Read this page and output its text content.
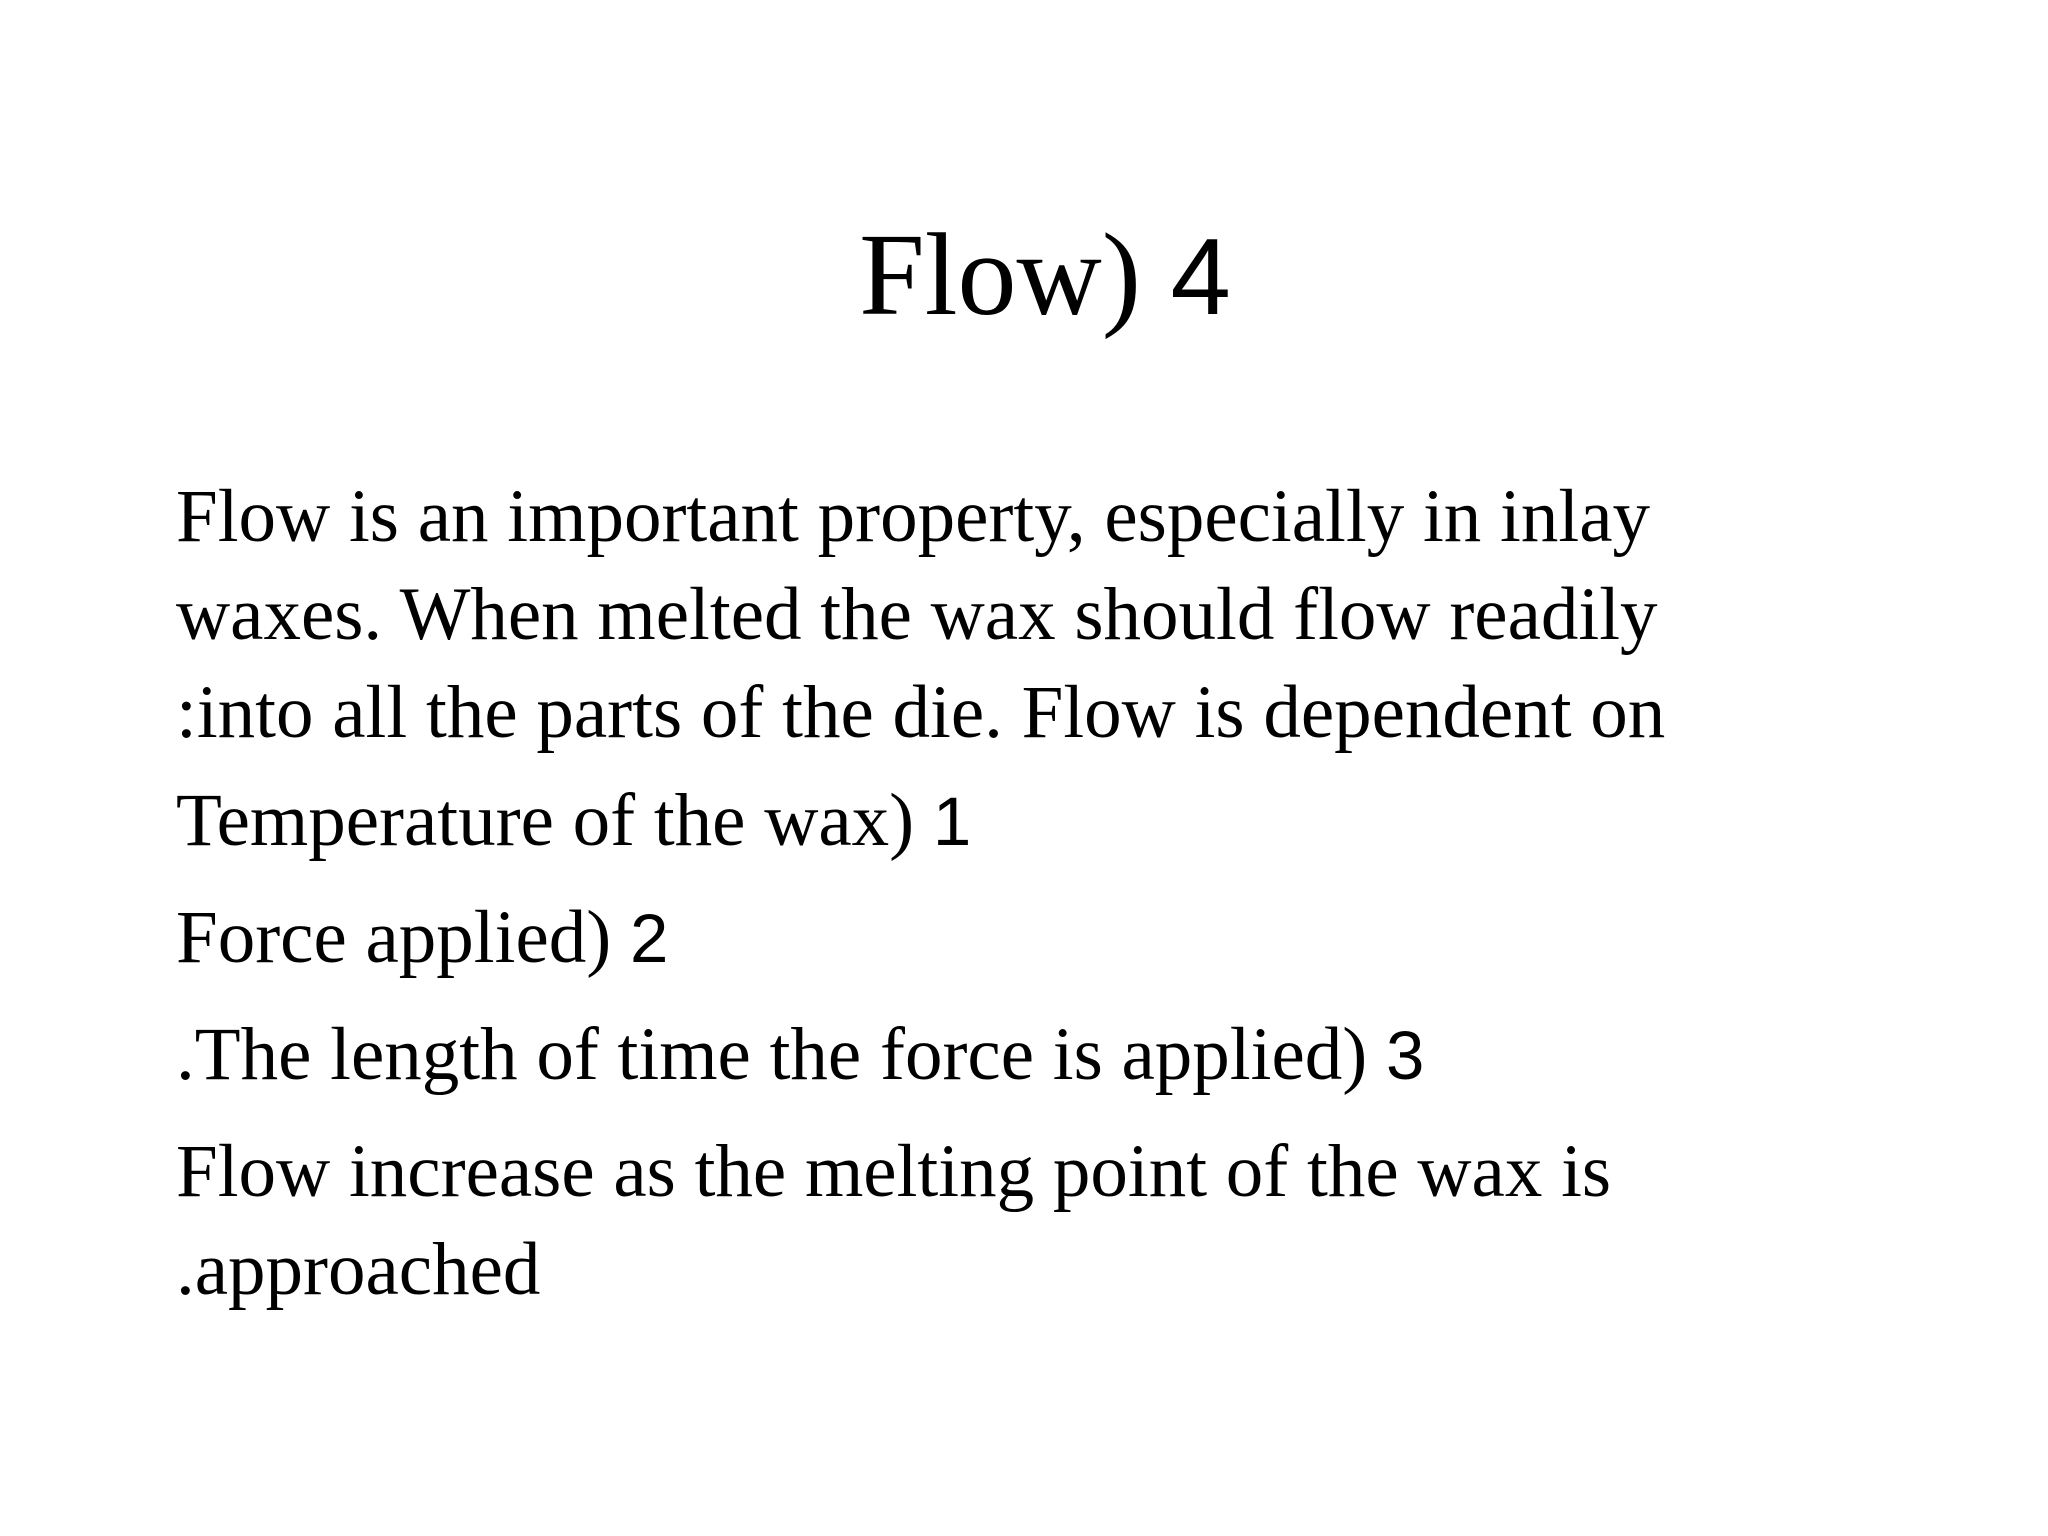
Flow) 4

Flow is an important property, especially in inlay
waxes. When melted the wax should flow readily
:into all the parts of the die. Flow is dependent on

Temperature of the wax) 1

Force applied) 2

.The length of time the force is applied) 3

Flow increase as the melting point of the wax is
.approached
